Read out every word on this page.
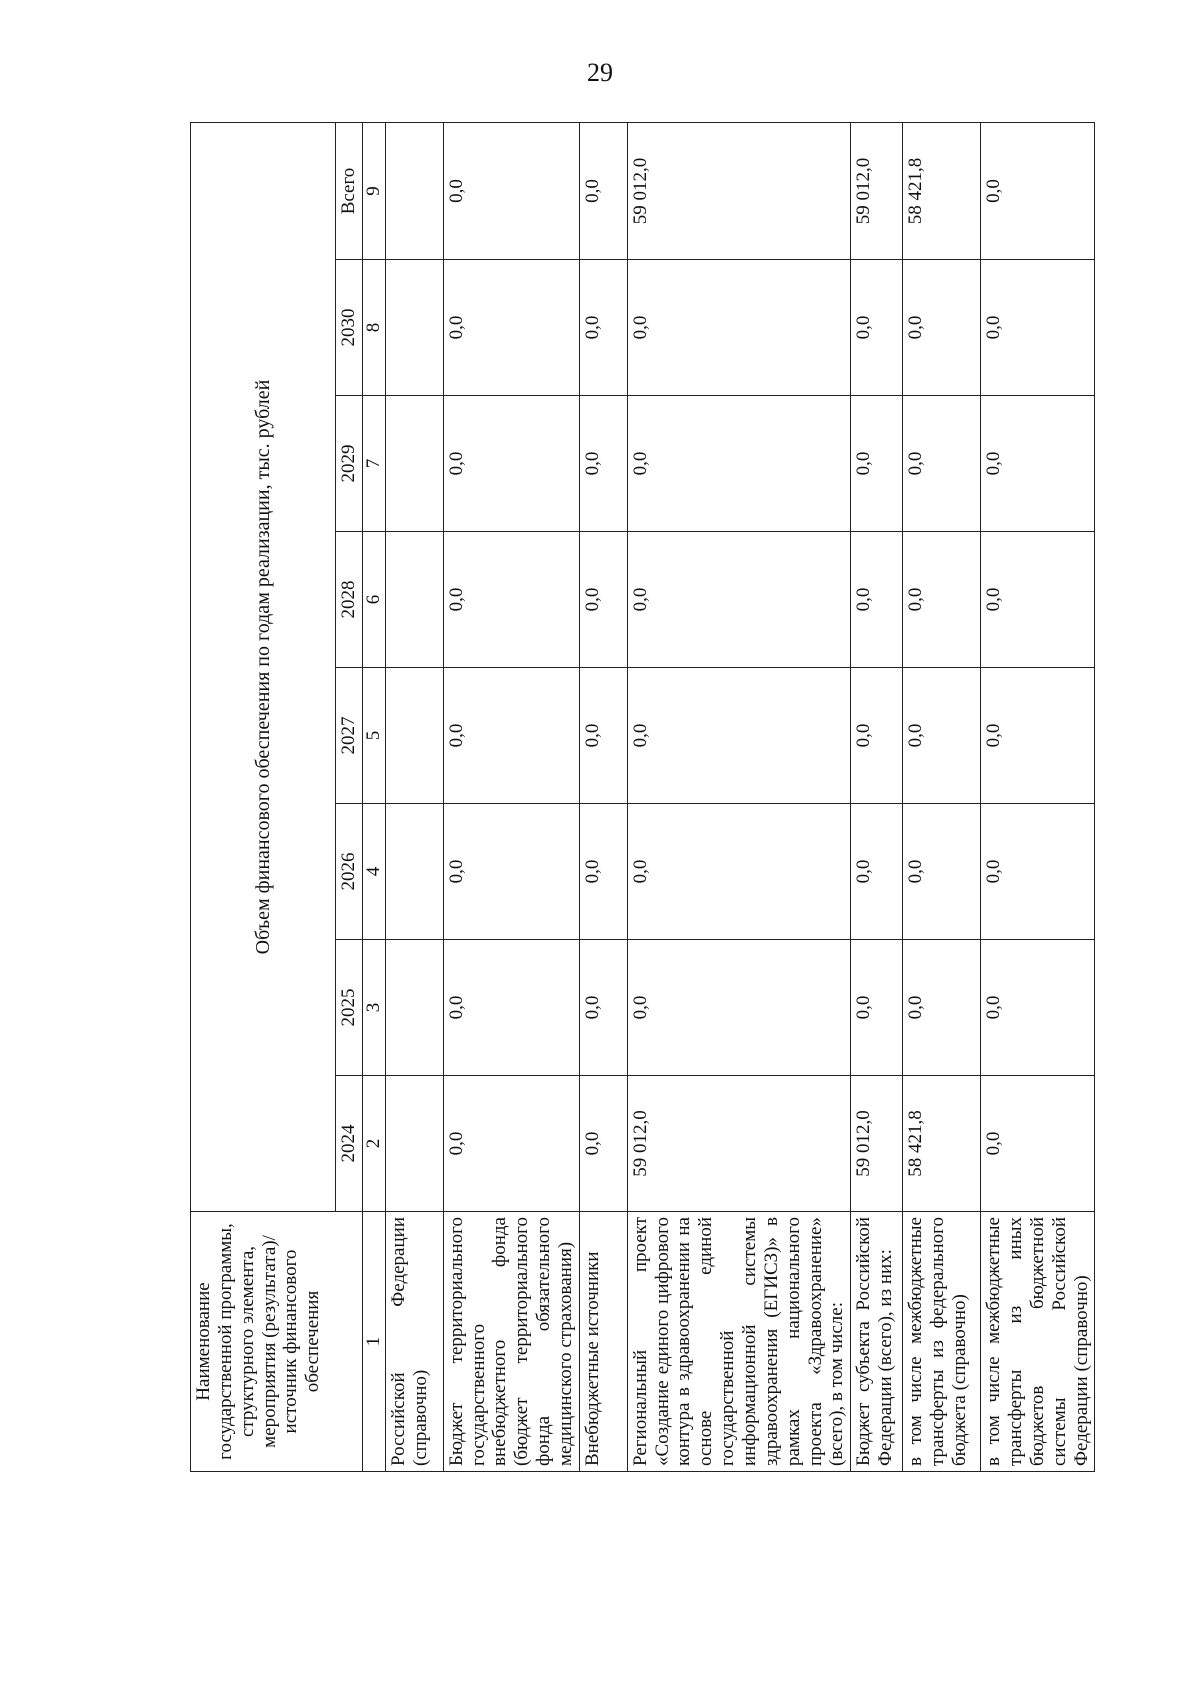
29
Наименование государственной программы, структурного элемента, мероприятия (результата)/источник финансового обеспечения	Объем финансового обеспечения по годам реализации, тыс. рублей							
	2024	2025	2026	2027	2028	2029	2030	Всего
1	2	3	4	5	6	7	8	9
Российской Федерации (справочно)								
Бюджет территориального государственного внебюджетного фонда (бюджет территориального фонда обязательного медицинского страхования)	0,0	0,0	0,0	0,0	0,0	0,0	0,0	0,0
Внебюджетные источники	0,0	0,0	0,0	0,0	0,0	0,0	0,0	0,0
Региональный проект «Создание единого цифрового контура в здравоохранении на основе единой государственной информационной системы здравоохранения (ЕГИСЗ)» в рамках национального проекта «Здравоохранение» (всего), в том числе:	59 012,0	0,0	0,0	0,0	0,0	0,0	0,0	59 012,0
Бюджет субъекта Российской Федерации (всего), из них:	59 012,0	0,0	0,0	0,0	0,0	0,0	0,0	59 012,0
в том числе межбюджетные трансферты из федерального бюджета (справочно)	58 421,8	0,0	0,0	0,0	0,0	0,0	0,0	58 421,8
в том числе межбюджетные трансферты из иных бюджетов бюджетной системы Российской Федерации (справочно)	0,0	0,0	0,0	0,0	0,0	0,0	0,0	0,0
